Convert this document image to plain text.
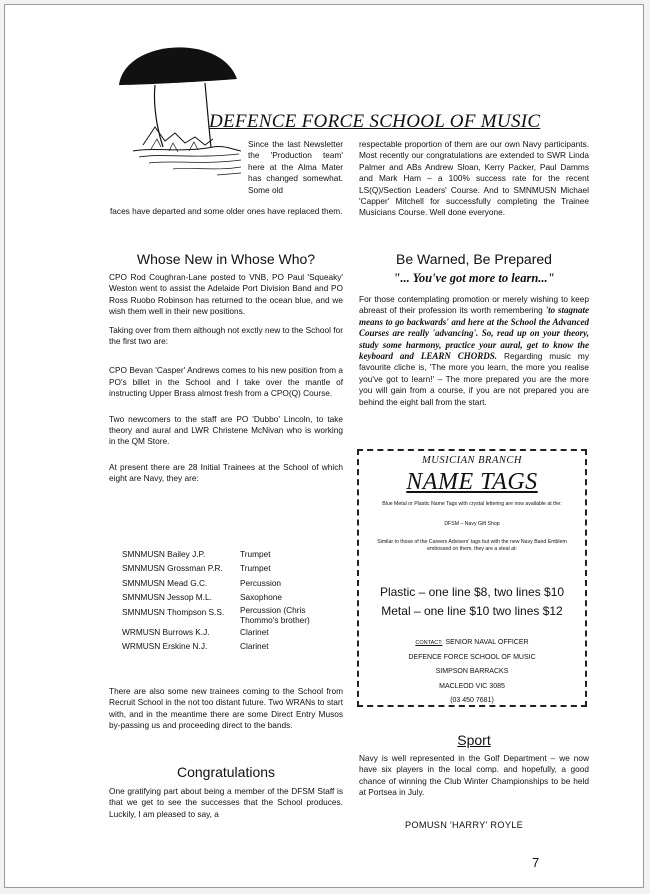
DEFENCE FORCE SCHOOL OF MUSIC
Since the last Newsletter the 'Production team' here at the Alma Mater has changed somewhat. Some old
faces have departed and some older ones have replaced them.
respectable proportion of them are our own Navy participants. Most recently our congratulations are extended to SWR Linda Palmer and ABs Andrew Sloan, Kerry Packer, Paul Damms and Mark Ham – a 100% success rate for the recent LS(Q)/Section Leaders' Course. And to SMNMUSN Michael 'Capper' Mitchell for successfully completing the Trainee Musicians Course. Well done everyone.
Whose New in Whose Who?

CPO Rod Coughran-Lane posted to VNB, PO Paul 'Squeaky' Weston went to assist the Adelaide Port Division Band and PO Ross Ruobo Robinson has returned to the ocean blue, and we wish them well in their new positions.

Taking over from them although not exctly new to the School for the first two are:

CPO Bevan 'Casper' Andrews comes to his new position from a PO's billet in the School and I take over the mantle of instructing Upper Brass almost fresh from a CPO(Q) Course.

Two newcomers to the staff are PO 'Dubbo' Lincoln, to take theory and aural and LWR Christene McNivan who is working in the QM Store.

At present there are 28 Initial Trainees at the School of which eight are Navy, they are:

SMNMUSN Bailey J.P.	Trumpet
SMNMUSN Grossman P.R.	Trumpet
SMNMUSN Mead G.C.	Percussion
SMNMUSN Jessop M.L.	Saxophone
SMNMUSN Thompson S.S.	Percussion (Chris Thommo's brother)
WRMUSN Burrows K.J.	Clarinet
WRMUSN Erskine N.J.	Clarinet
There are also some new trainees coming to the School from Recruit School in the not too distant future. Two WRANs to start with, and in the meantime there are some Direct Entry Musos by-passing us and proceeding direct to the bands.
Congratulations
One gratifying part about being a member of the DFSM Staff is that we get to see the successes that the School produces. Luckily, I am pleased to say, a
Be Warned, Be Prepared
"... You've got more to learn..."
For those contemplating promotion or merely wishing to keep abreast of their profession its worth remembering 'to stagnate means to go backwards' and here at the School the Advanced Courses are really 'advancing'. So, read up on your theory, study some harmony, practice your aural, get to know the keyboard and LEARN CHORDS. Regarding music my favourite cliche is, 'The more you learn, the more you realise you've got to learn!' – The more prepared you are the more you will gain from a course, if you are not prepared you are behind the eight ball from the start.
MUSICIAN BRANCH
NAME TAGS
Blue Metal or Plastic Name Tags with crystal lettering are now available at the:
DFSM – Navy Gift Shop
Similar to those of the Careers Advisers' tags but with the new Navy Band Emblem embossed on them, they are a steal at:
Plastic – one line $8, two lines $10
Metal – one line $10 two lines $12
CONTACT: SENIOR NAVAL OFFICER
DEFENCE FORCE SCHOOL OF MUSIC
SIMPSON BARRACKS
MACLEOD VIC 3085
(03 450 7681)
Sport
Navy is well represented in the Golf Department – we now have six players in the local comp. and hopefully, a good chance of winning the Club Winter Championships to be held at Portsea in July.
POMUSN 'HARRY' ROYLE
7
